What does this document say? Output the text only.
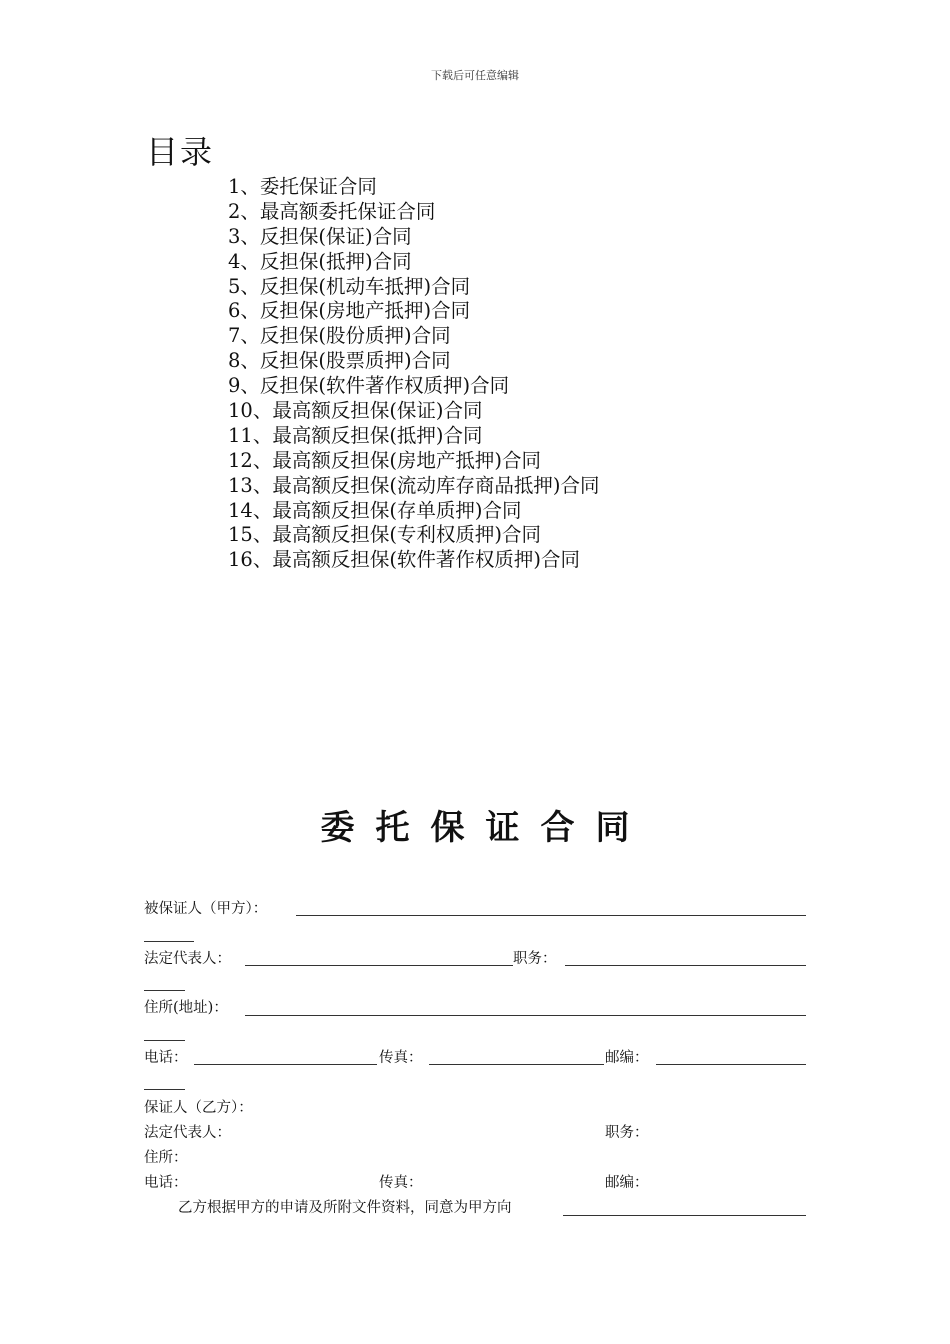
下载后可任意编辑
目录
1、委托保证合同
2、最高额委托保证合同
3、反担保(保证)合同
4、反担保(抵押)合同
5、反担保(机动车抵押)合同
6、反担保(房地产抵押)合同
7、反担保(股份质押)合同
8、反担保(股票质押)合同
9、反担保(软件著作权质押)合同
10、最高额反担保(保证)合同
11、最高额反担保(抵押)合同
12、最高额反担保(房地产抵押)合同
13、最高额反担保(流动库存商品抵押)合同
14、最高额反担保(存单质押)合同
15、最高额反担保(专利权质押)合同
16、最高额反担保(软件著作权质押)合同
委托保证合同
被保证人（甲方）：
法定代表人：	职务：
住所(地址)：
电话：	传真：	邮编：
保证人（乙方）：
法定代表人：	职务：
住所：
电话：	传真：	邮编：
乙方根据甲方的申请及所附文件资料，同意为甲方向
